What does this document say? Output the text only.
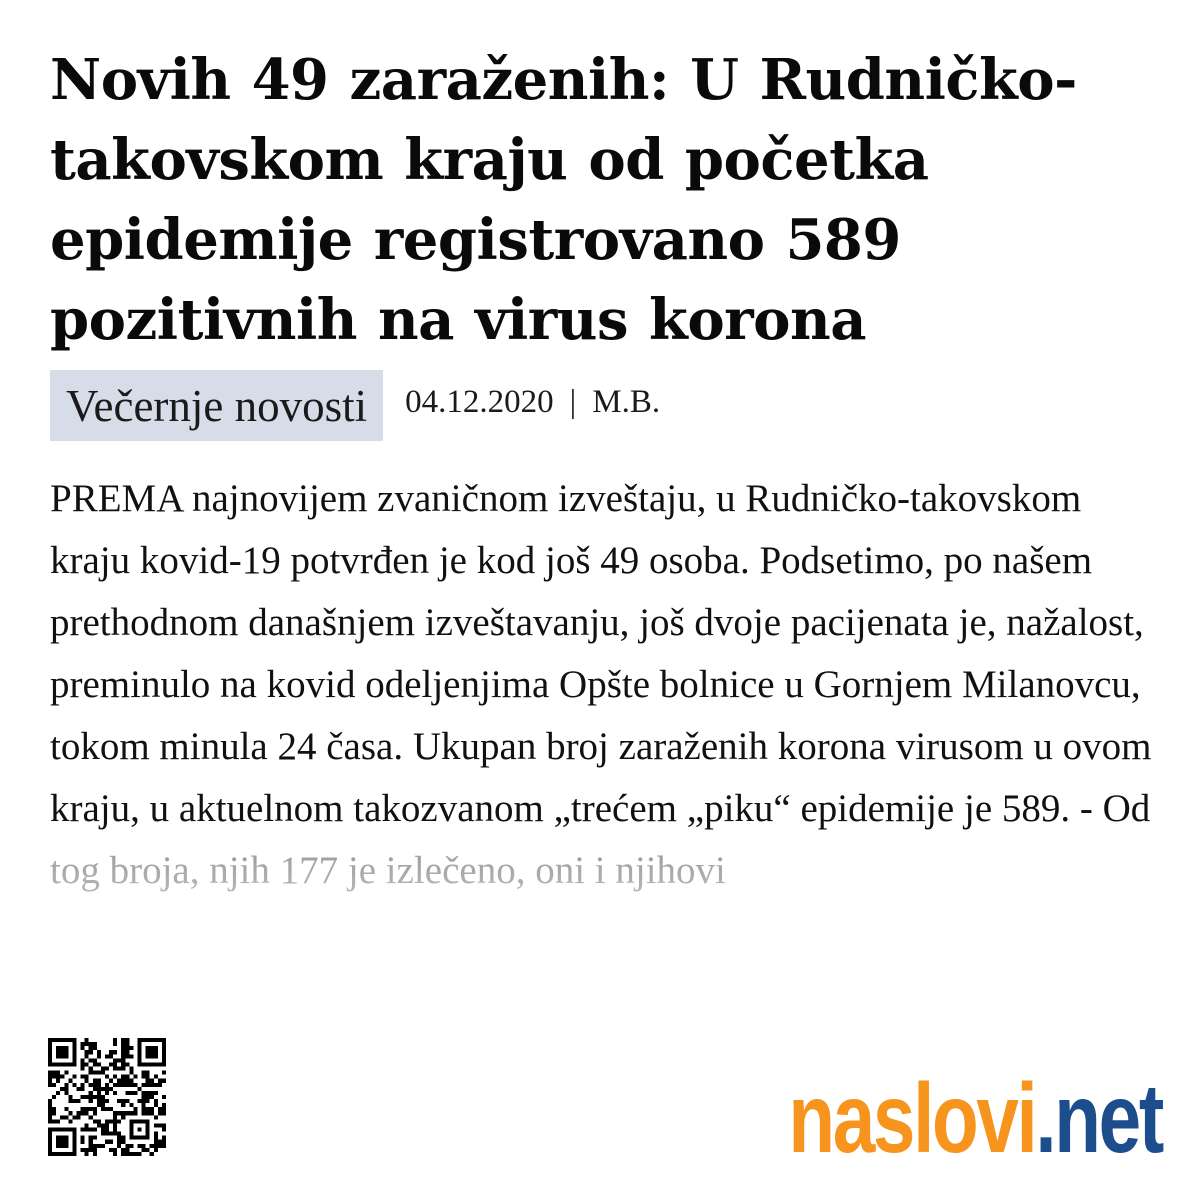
Novih 49 zaraženih: U Rudničko-takovskom kraju od početka epidemije registrovano 589 pozitivnih na virus korona
Večernje novosti	04.12.2020 | M.B.

PREMA najnovijem zvaničnom izveštaju, u Rudničko-takovskom kraju kovid-19 potvrđen je kod još 49 osoba. Podsetimo, po našem prethodnom današnjem izveštavanju, još dvoje pacijenata je, nažalost, preminulo na kovid odeljenjima Opšte bolnice u Gornjem Milanovcu, tokom minula 24 časa. Ukupan broj zaraženih korona virusom u ovom kraju, u aktuelnom takozvanom „trećem „piku“ epidemije je 589. - Od

naslovi .net
